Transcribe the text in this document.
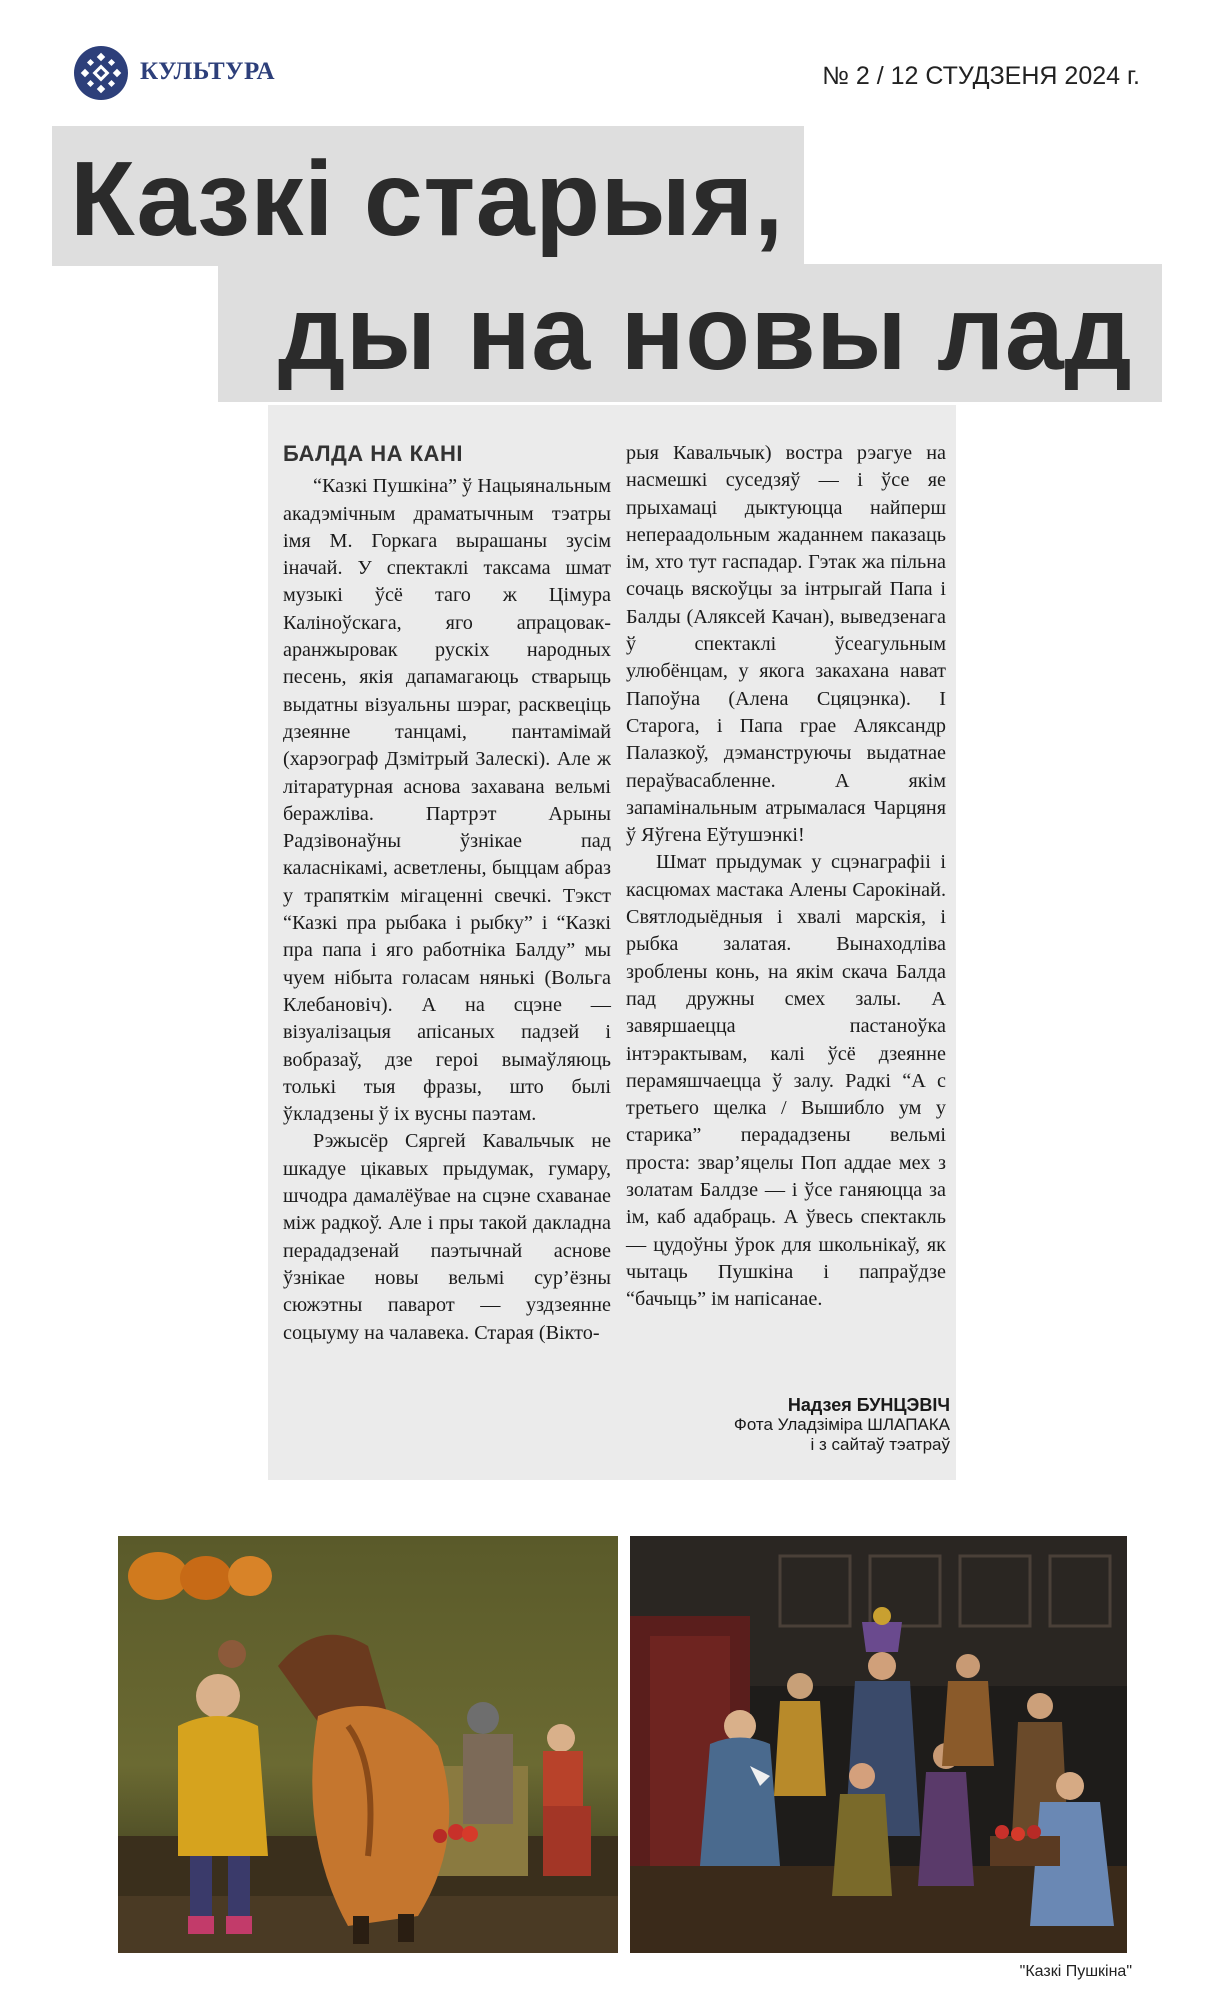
КУЛЬТУРА	№ 2 / 12 СТУДЗЕНЯ 2024 г.
Казкі старыя,
ды на новы лад
БАЛДА НА КАНІ

“Казкі Пушкіна” ў Нацыянальным акадэмічным драматычным тэатры імя М. Горкага вырашаны зусім іначай. У спектаклі таксама шмат музыкі ўсё таго ж Цімура Каліноўскага, яго апрацовак-аранжыровак рускіх народных песень, якія дапамагаюць стварыць выдатны візуальны шэраг, расквеціць дзеянне танцамі, пантамімай (харэограф Дзмітрый Залескі). Але ж літаратурная аснова захавана вельмі беражліва. Партрэт Арыны Радзівонаўны ўзнікае пад каласнікамі, асветлены, быццам абраз у трапяткім мігаценні свечкі. Тэкст “Казкі пра рыбака і рыбку” і “Казкі пра папа і яго работніка Балду” мы чуем нібыта голасам нянькі (Вольга Клебановіч). А на сцэне — візуалізацыя апісаных падзей і вобразаў, дзе героі вымаўляюць толькі тыя фразы, што былі ўкладзены ў іх вусны паэтам.

Рэжысёр Сяргей Кавальчык не шкадуе цікавых прыдумак, гумару, шчодра дамалёўвае на сцэне схаванае між радкоў. Але і пры такой дакладна перададзенай паэтычнай аснове ўзнікае новы вельмі сур’ёзны сюжэтны паварот — уздзеянне соцыуму на чалавека. Старая (Вікто-

рыя Кавальчык) востра рэагуе на насмешкі суседзяў — і ўсе яе прыхамаці дыктуюцца найперш непераадольным жаданнем паказаць ім, хто тут гаспадар. Гэтак жа пільна сочаць вяскоўцы за інтрыгай Папа і Балды (Аляксей Качан), выведзенага ў спектаклі ўсеагульным улюбёнцам, у якога закахана нават Папоўна (Алена Сцяцэнка). І Старога, і Папа грае Аляксандр Палазкоў, дэманструючы выдатнае пераўвасабленне. А якім запамінальным атрымалася Чарцяня ў Яўгена Еўтушэнкі!

Шмат прыдумак у сцэнаграфіі і касцюмах мастака Алены Сарокінай. Святлодыёдныя і хвалі марскія, і рыбка залатая. Вынаходліва зроблены конь, на якім скача Балда пад дружны смех залы. А завяршаецца пастаноўка інтэрактывам, калі ўсё дзеянне перамяшчаецца ў залу. Радкі “А с третьего щелка / Вышибло ум у старика” перададзены вельмі проста: звар’яцелы Поп аддае мех з золатам Балдзе — і ўсе ганяюцца за ім, каб адабраць. А ўвесь спектакль — цудоўны ўрок для школьнікаў, як чытаць Пушкіна і папраўдзе “бачыць” ім напісанае.

Надзея БУНЦЭВІЧ
Фота Уладзіміра ШЛАПАКА
і з сайтаў тэатраў
"Казкі Пушкіна"
